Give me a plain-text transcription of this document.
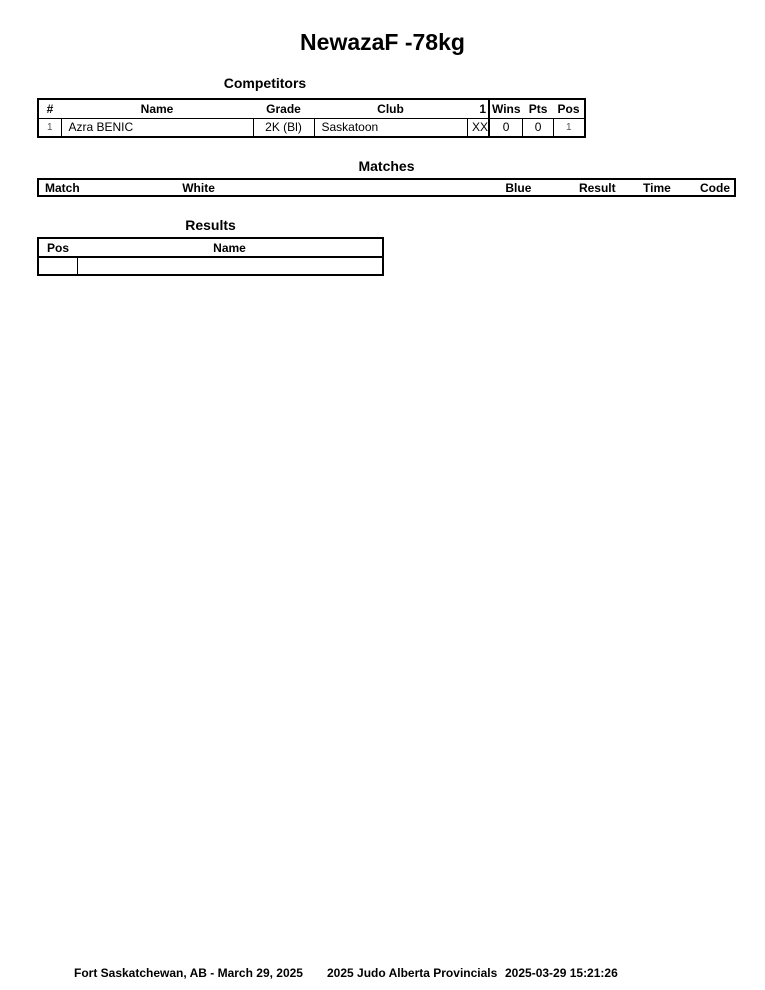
NewazaF -78kg
Competitors
#	Name	Grade	Club	1	Wins	Pts	Pos
1	Azra BENIC	2K (Bl)	Saskatoon	XX	0	0	1
Matches
Match	White	Blue	Result	Time	Code
Results
Pos	Name

Fort Saskatchewan, AB - March 29, 2025 2025 Judo Alberta Provincials 2025-03-29 15:21:26
